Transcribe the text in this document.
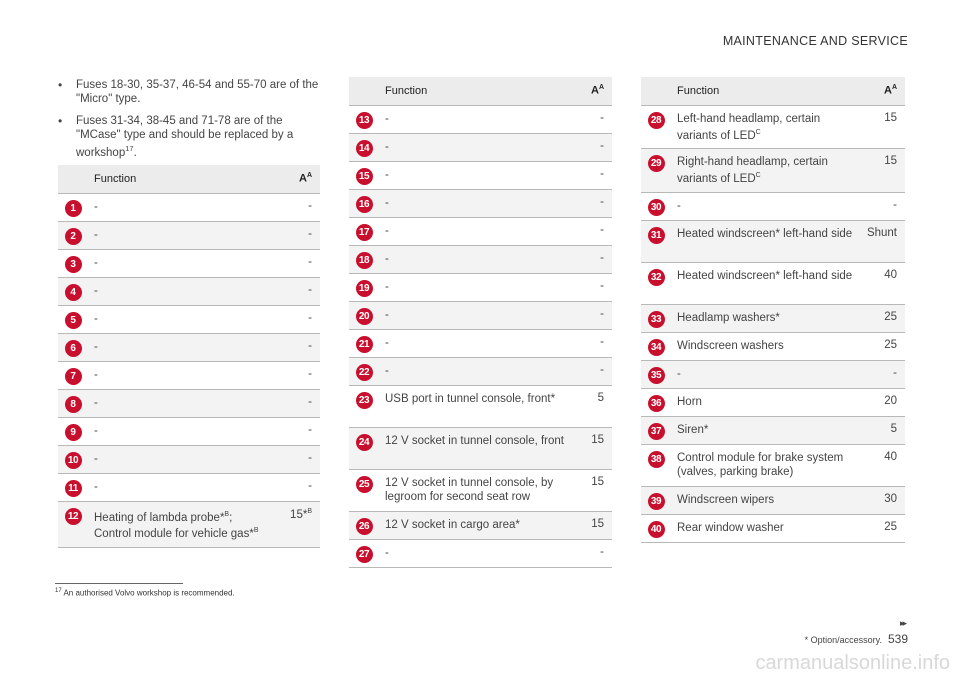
MAINTENANCE AND SERVICE
•	Fuses 18-30, 35-37, 46-54 and 55-70 are of the "Micro" type.
•	Fuses 31-34, 38-45 and 71-78 are of the "MCase" type and should be replaced by a workshop$^{17}$.
	Function	$A^A$
1	-	-
2	-	-
3	-	-
4	-	-
5	-	-
6	-	-
7	-	-
8	-	-
9	-	-
10	-	-
11	-	-
12	Heating of lambda probe*$^B$;
Control module for vehicle gas*$^B$	15*$^B$
	Function	$A^A$
13	-	-
14	-	-
15	-	-
16	-	-
17	-	-
18	-	-
19	-	-
20	-	-
21	-	-
22	-	-
23	USB port in tunnel console, front*	5
24	12 V socket in tunnel console, front	15
25	12 V socket in tunnel console, by legroom for second seat row	15
26	12 V socket in cargo area*	15
27	-	-
	Function	$A^A$
28	Left-hand headlamp, certain variants of $LED^C$	15
29	Right-hand headlamp, certain variants of $LED^C$	15
30	-	-
31	Heated windscreen* left-hand side	Shunt
32	Heated windscreen* left-hand side	40
33	Headlamp washers*	25
34	Windscreen washers	25
35	-	-
36	Horn	20
37	Siren*	5
38	Control module for brake system (valves, parking brake)	40
39	Windscreen wipers	30
40	Rear window washer	25
$^{17}$ An authorised Volvo workshop is recommended.
▸▸
* Option/accessory. 539
carmanualsonline.info
